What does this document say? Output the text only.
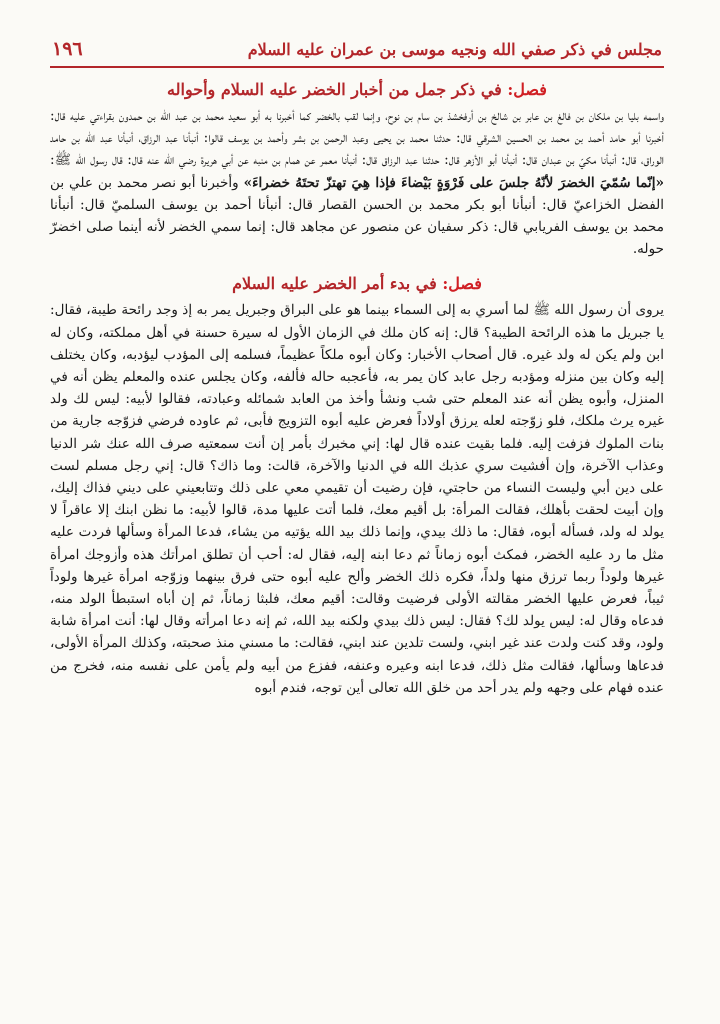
مجلس في ذكر صفي الله ونجيه موسى بن عمران عليه السلام
١٩٦
فصل: في ذكر جمل من أخبار الخضر عليه السلام وأحواله

واسمه بليا بن ملكان بن فالغ بن عابر بن شالخ بن أرفخشذ بن سام بن نوح، وإنما لقب بالخضر كما أخبرنا به أبو سعيد محمد بن عبد الله بن حمدون بقراءتي عليه قال: أخبرنا أبو حامد أحمد بن محمد بن الحسين الشرقي قال: حدثنا محمد بن يحيى وعبد الرحمن بن بشر وأحمد بن يوسف قالوا: أنبأنا عبد الرزاق، أنبأنا عبد الله بن حامد الوراق، قال: أنبأنا مكيّ بن عبدان قال: أنبأنا أبو الأزهر قال: حدثنا عبد الرزاق قال: أنبأنا معمر عن همام بن منبه عن أبي هريرة رضي الله عنه قال: قال رسول الله ﷺ: «إنّما سُمّيَ الخضرَ لأنّهُ جلسَ على فَرْوَةٍ بَيْضاءَ فإذا هِيَ تهتزّ تحتَهُ خضراءَ» وأخبرنا أبو نصر محمد بن علي بن الفضل الخزاعيّ قال: أنبأنا أبو بكر محمد بن الحسن القصار قال: أنبأنا أحمد بن يوسف السلميّ قال: أنبأنا محمد بن يوسف الفريابي قال: ذكر سفيان عن منصور عن مجاهد قال: إنما سمي الخضر لأنه أينما صلى اخضرّ حوله.

فصل: في بدء أمر الخضر عليه السلام

يروى أن رسول الله ﷺ لما أسري به إلى السماء بينما هو على البراق وجبريل يمر به إذ وجد رائحة طيبة، فقال: يا جبريل ما هذه الرائحة الطيبة؟ قال: إنه كان ملك في الزمان الأول له سيرة حسنة في أهل مملكته، وكان له ابن ولم يكن له ولد غيره. قال أصحاب الأخبار: وكان أبوه ملكاً عظيماً، فسلمه إلى المؤدب ليؤدبه، وكان يختلف إليه وكان بين منزله ومؤدبه رجل عابد كان يمر به، فأعجبه حاله فألفه، وكان يجلس عنده والمعلم يظن أنه في المنزل، وأبوه يظن أنه عند المعلم حتى شب ونشأ وأخذ من العابد شمائله وعبادته، فقالوا لأبيه: ليس لك ولد غيره يرث ملكك، فلو زوّجته لعله يرزق أولاداً فعرض عليه أبوه التزويج فأبى، ثم عاوده فرضي فزوّجه جارية من بنات الملوك فزفت إليه. فلما بقيت عنده قال لها: إني مخبرك بأمر إن أنت سمعتيه صرف الله عنك شر الدنيا وعذاب الآخرة، وإن أفشيت سري عذبك الله في الدنيا والآخرة، قالت: وما ذاك؟ قال: إني رجل مسلم لست على دين أبي وليست النساء من حاجتي، فإن رضيت أن تقيمي معي على ذلك وتتابعيني على ديني فذاك إليك، وإن أبيت لحقت بأهلك، فقالت المرأة: بل أقيم معك، فلما أتت عليها مدة، قالوا لأبيه: ما نظن ابنك إلا عاقراً لا يولد له ولد، فسأله أبوه، فقال: ما ذلك بيدي، وإنما ذلك بيد الله يؤتيه من يشاء، فدعا المرأة وسألها فردت عليه مثل ما رد عليه الخضر، فمكث أبوه زماناً ثم دعا ابنه إليه، فقال له: أحب أن تطلق امرأتك هذه وأزوجك امرأة غيرها ولوداً ربما ترزق منها ولداً، فكره ذلك الخضر وألح عليه أبوه حتى فرق بينهما وزوّجه امرأة غيرها ولوداً ثيباً، فعرض عليها الخضر مقالته الأولى فرضيت وقالت: أقيم معك، فلبثا زماناً، ثم إن أباه استبطأ الولد منه، فدعاه وقال له: ليس يولد لك؟ فقال: ليس ذلك بيدي ولكنه بيد الله، ثم إنه دعا امرأته وقال لها: أنت امرأة شابة ولود، وقد كنت ولدت عند غير ابني، ولست تلدين عند ابني، فقالت: ما مسني منذ صحبته، وكذلك المرأة الأولى، فدعاها وسألها، فقالت مثل ذلك، فدعا ابنه وعيره وعنفه، ففزع من أبيه ولم يأمن على نفسه منه، فخرج من عنده فهام على وجهه ولم يدر أحد من خلق الله تعالى أين توجه، فندم أبوه
